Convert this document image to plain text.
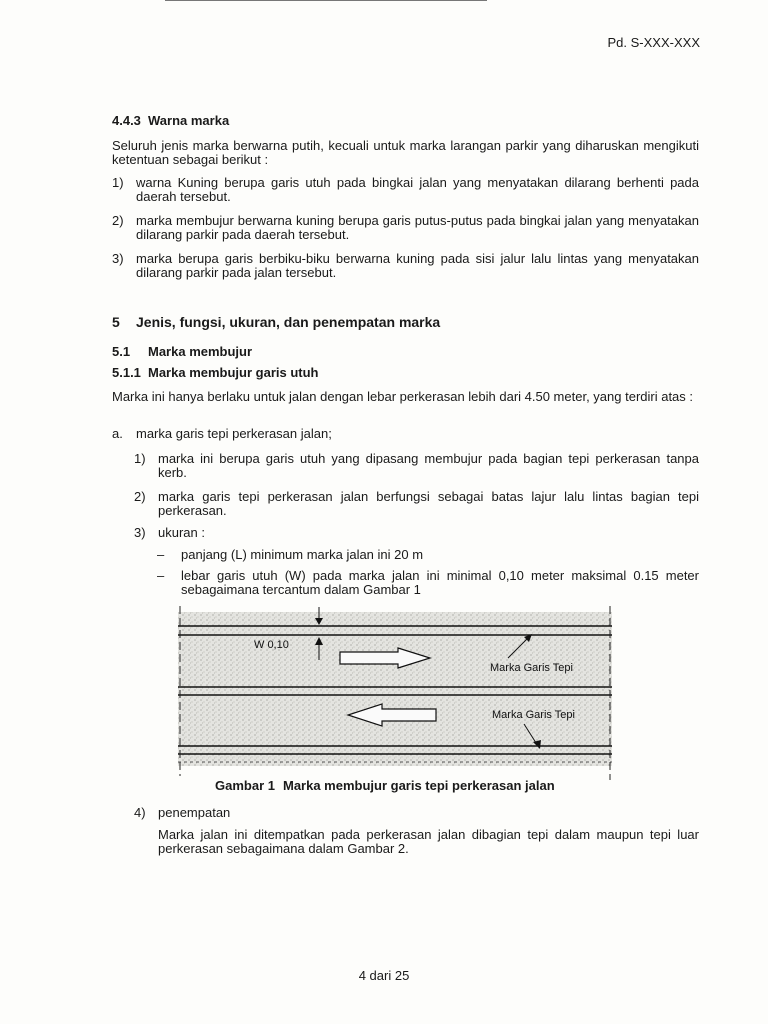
Pd. S-XXX-XXX
4.4.3 Warna marka
Seluruh jenis marka berwarna putih, kecuali untuk marka larangan parkir yang diharuskan mengikuti ketentuan sebagai berikut :
1) warna Kuning berupa garis utuh pada bingkai jalan yang menyatakan dilarang berhenti pada daerah tersebut.
2) marka membujur berwarna kuning berupa garis putus-putus pada bingkai jalan yang menyatakan dilarang parkir pada daerah tersebut.
3) marka berupa garis berbiku-biku berwarna kuning pada sisi jalur lalu lintas yang menyatakan dilarang parkir pada jalan tersebut.
5 Jenis, fungsi, ukuran, dan penempatan marka
5.1 Marka membujur
5.1.1 Marka membujur garis utuh
Marka ini hanya berlaku untuk jalan dengan lebar perkerasan lebih dari 4.50 meter, yang terdiri atas :
a. marka garis tepi perkerasan jalan;
1) marka ini berupa garis utuh yang dipasang membujur pada bagian tepi perkerasan tanpa kerb.
2) marka garis tepi perkerasan jalan berfungsi sebagai batas lajur lalu lintas bagian tepi perkerasan.
3) ukuran :
– panjang (L) minimum marka jalan ini 20 m
– lebar garis utuh (W) pada marka jalan ini minimal 0,10 meter maksimal 0.15 meter sebagaimana tercantum dalam Gambar 1
W 0,10
Marka Garis Tepi
Marka Garis Tepi
Gambar 1 Marka membujur garis tepi perkerasan jalan
4) penempatan
Marka jalan ini ditempatkan pada perkerasan jalan dibagian tepi dalam maupun tepi luar perkerasan sebagaimana dalam Gambar 2.
4 dari 25
